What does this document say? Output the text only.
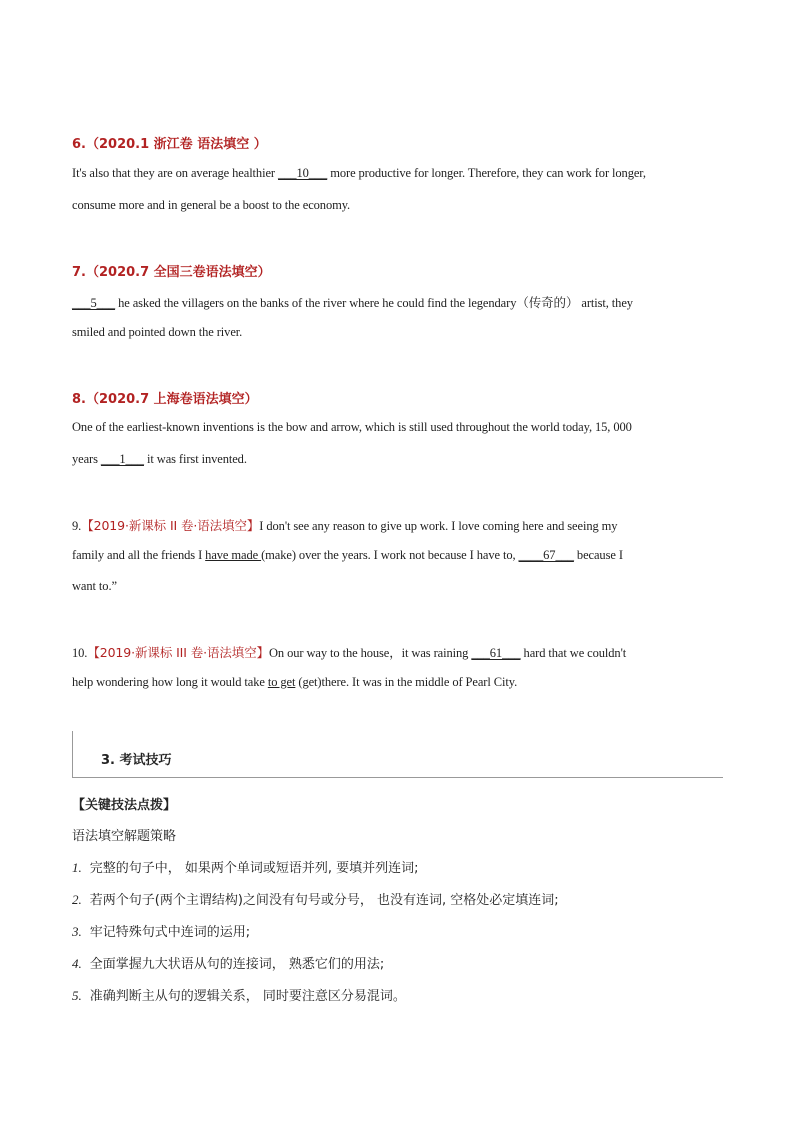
6.（2020.1 浙江卷 语法填空 ）
It's also that they are on average healthier ___10___ more productive for longer. Therefore, they can work for longer,
consume more and in general be a boost to the economy.
7.（2020.7 全国三卷语法填空）
___5___ he asked the villagers on the banks of the river where he could find the legendary（传奇的） artist, they
smiled and pointed down the river.
8.（2020.7 上海卷语法填空）
One of the earliest-known inventions is the bow and arrow, which is still used throughout the world today, 15, 000
years ___1___ it was first invented.
9.【2019·新课标 II 卷·语法填空】I don't see any reason to give up work. I love coming here and seeing my
family and all the friends I have made (make) over the years. I work not because I have to, ____67___ because I
want to.”
10.【2019·新课标 III 卷·语法填空】On our way to the house，it was raining ___61___ hard that we couldn't
help wondering how long it would take to get (get)there. It was in the middle of Pearl City.
3. 考试技巧
【关键技法点拨】
语法填空解题策略
1. 完整的句子中， 如果两个单词或短语并列, 要填并列连词;
2. 若两个句子(两个主谓结构)之间没有句号或分号， 也没有连词, 空格处必定填连词;
3. 牢记特殊句式中连词的运用;
4. 全面掌握九大状语从句的连接词， 熟悉它们的用法;
5. 准确判断主从句的逻辑关系， 同时要注意区分易混词。
